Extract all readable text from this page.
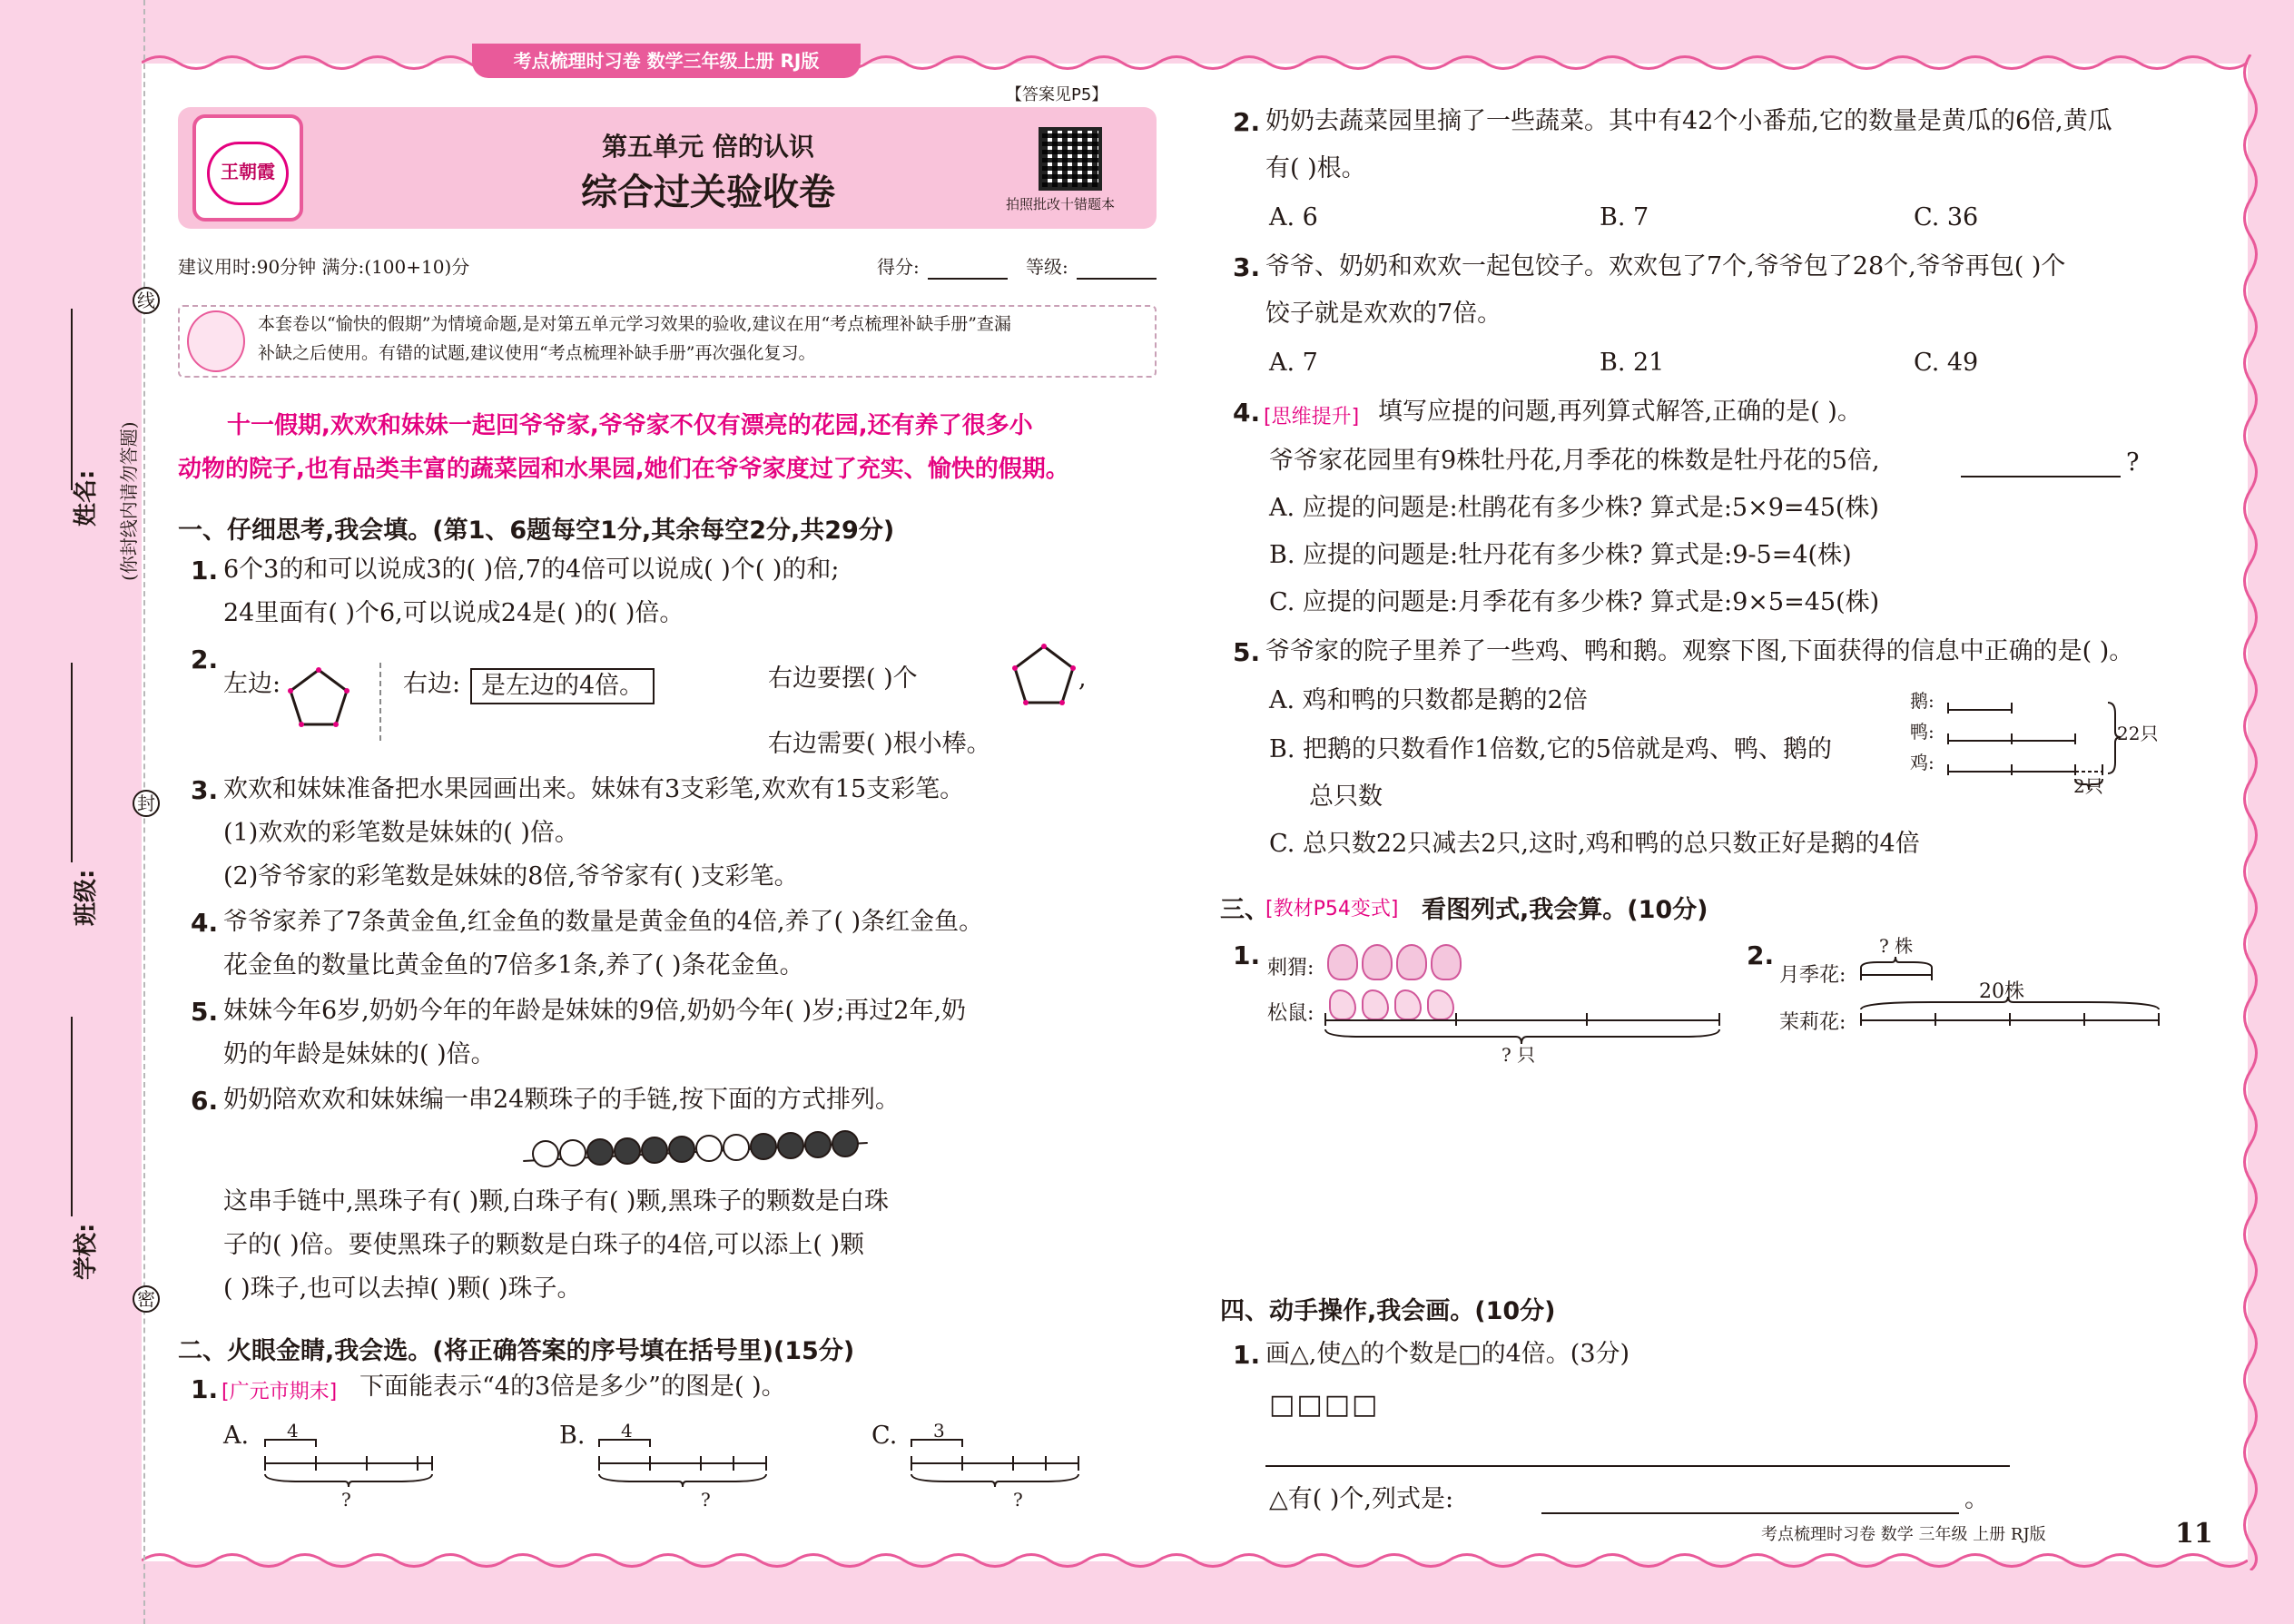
姓名:
班级:
学校:
(你封线内请勿答题)
线
封
密
考点梳理时习卷 数学三年级上册 RJ版
【答案见P5】
王朝霞
第五单元 倍的认识
综合过关验收卷	拍照批改十错题本
建议用时:90分钟 满分:(100+10)分	得分:	等级:
本套卷以“愉快的假期”为情境命题,是对第五单元学习效果的验收,建议在用“考点梳理补缺手册”查漏
补缺之后使用。有错的试题,建议使用“考点梳理补缺手册”再次强化复习。
十一假期,欢欢和妹妹一起回爷爷家,爷爷家不仅有漂亮的花园,还有养了很多小
动物的院子,也有品类丰富的蔬菜园和水果园,她们在爷爷家度过了充实、愉快的假期。
一、仔细思考,我会填。(第1、6题每空1分,其余每空2分,共29分)
1. 6个3的和可以说成3的( )倍,7的4倍可以说成( )个( )的和;
24里面有( )个6,可以说成24是( )的( )倍。
2.
左边:	右边: 是左边的4倍。	右边要摆( )个	,
右边需要( )根小棒。
3. 欢欢和妹妹准备把水果园画出来。妹妹有3支彩笔,欢欢有15支彩笔。
(1)欢欢的彩笔数是妹妹的( )倍。
(2)爷爷家的彩笔数是妹妹的8倍,爷爷家有( )支彩笔。
4. 爷爷家养了7条黄金鱼,红金鱼的数量是黄金鱼的4倍,养了( )条红金鱼。
花金鱼的数量比黄金鱼的7倍多1条,养了( )条花金鱼。
5. 妹妹今年6岁,奶奶今年的年龄是妹妹的9倍,奶奶今年( )岁;再过2年,奶
奶的年龄是妹妹的( )倍。
6. 奶奶陪欢欢和妹妹编一串24颗珠子的手链,按下面的方式排列。
这串手链中,黑珠子有( )颗,白珠子有( )颗,黑珠子的颗数是白珠
子的( )倍。要使黑珠子的颗数是白珠子的4倍,可以添上( )颗
( )珠子,也可以去掉( )颗( )珠子。
二、火眼金睛,我会选。(将正确答案的序号填在括号里)(15分)
1. [广元市期末] 下面能表示“4的3倍是多少”的图是( )。
A. 4
?
B. 4
?
C. 3
?
2. 奶奶去蔬菜园里摘了一些蔬菜。其中有42个小番茄,它的数量是黄瓜的6倍,黄瓜
有( )根。
A. 6	B. 7	C. 36
3. 爷爷、奶奶和欢欢一起包饺子。欢欢包了7个,爷爷包了28个,爷爷再包( )个
饺子就是欢欢的7倍。
A. 7	B. 21	C. 49
4. [思维提升] 填写应提的问题,再列算式解答,正确的是( )。
爷爷家花园里有9株牡丹花,月季花的株数是牡丹花的5倍,	?
A. 应提的问题是:杜鹃花有多少株? 算式是:5×9=45(株)
B. 应提的问题是:牡丹花有多少株? 算式是:9-5=4(株)
C. 应提的问题是:月季花有多少株? 算式是:9×5=45(株)
5. 爷爷家的院子里养了一些鸡、鸭和鹅。观察下图,下面获得的信息中正确的是( )。
A. 鸡和鸭的只数都是鹅的2倍
B. 把鹅的只数看作1倍数,它的5倍就是鸡、鸭、鹅的
总只数
C. 总只数22只减去2只,这时,鸡和鸭的总只数正好是鹅的4倍
鹅:
鸭:
鸡:
22只
2只
三、
[教材P54变式] 看图列式,我会算。(10分)
1. 刺猬:
松鼠:
? 只
2.	? 株
月季花:
20株
茉莉花:
四、动手操作,我会画。(10分)
1. 画△,使△的个数是□的4倍。(3分)
□□□□
△有( )个,列式是:	。
考点梳理时习卷 数学 三年级 上册 RJ版	11
